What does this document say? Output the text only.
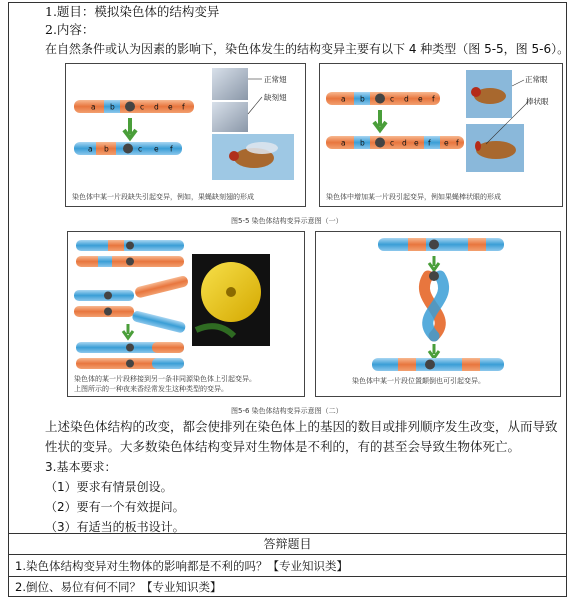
1.题目：模拟染色体的结构变异
2.内容：
在自然条件或认为因素的影响下，染色体发生的结构变异主要有以下 4 种类型（图 5-5，图 5-6）。
a b	c d e f
a b	c e f
正常翅
缺刻翅
染色体中某一片段缺失引起变异，例如，果蝇缺刻翅的形成
a b	c d e f
a b	c d e f e f
正常眼
棒状眼
染色体中增加某一片段引起变异，例如果蝇棒状眼的形成
图5-5 染色体结构变异示意图（一）
染色体的某一片段移接到另一条非同源染色体上引起变异。
上图所示的一种夜来香经常发生这种类型的变异。
染色体中某一片段位置颠倒也可引起变异。
图5-6 染色体结构变异示意图（二）
上述染色体结构的改变，都会使排列在染色体上的基因的数目或排列顺序发生改变，从而导致性状的变异。大多数染色体结构变异对生物体是不利的，有的甚至会导致生物体死亡。
3.基本要求：
（1）要求有情景创设。
（2）要有一个有效提问。
（3）有适当的板书设计。
答辩题目
1.染色体结构变异对生物体的影响都是不利的吗？【专业知识类】
2.倒位、易位有何不同？【专业知识类】
